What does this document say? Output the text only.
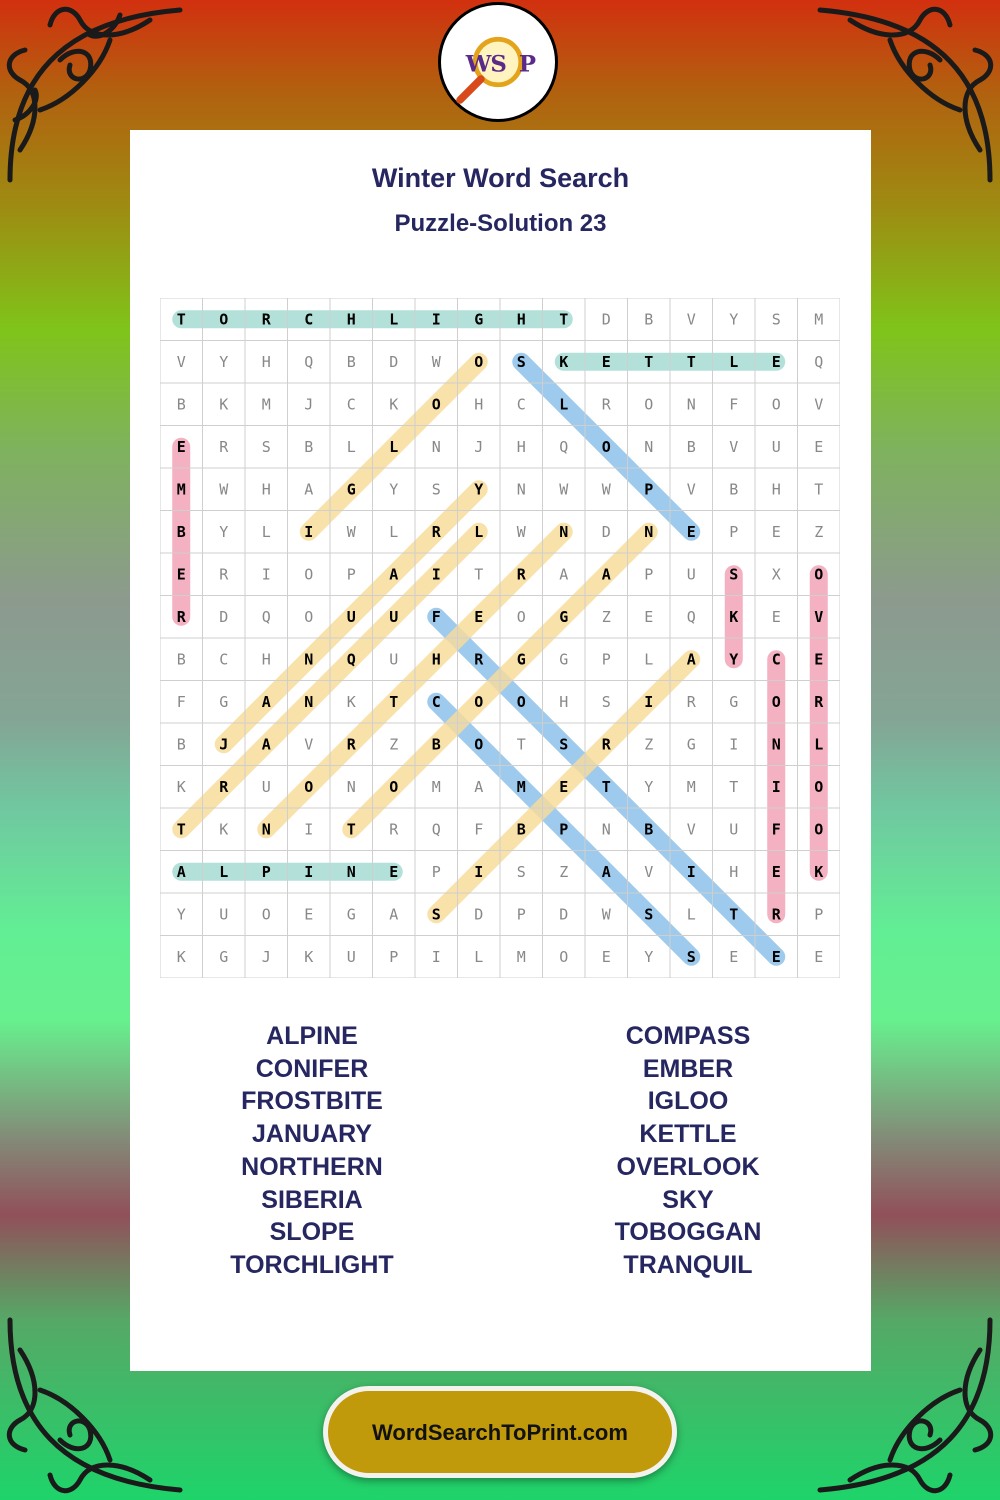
W S P
Winter Word Search
Puzzle-Solution 23
T O R C H L I G H T D B V Y S M
V Y H Q B D W O S K E T T L E Q
B K M J C K O H C L R O N F O V
E R S B L L N J H Q O N B V U E
M W H A G Y S Y N W W P V B H T
B Y L I W L R L W N D N E P E Z
E R I O P A I T R A A P U S X O
R D Q O U U F E O G Z E Q K E V
B C H N Q U H R G G P L A Y C E
F G A N K T C O O H S I R G O R
B J A V R Z B O T S R Z G I N L
K R U O N O M A M E T Y M T I O
T K N I T R Q F B P N B V U F O
A L P I N E P I S Z A V I H E K
Y U O E G A S D P D W S L T R P
K G J K U P I L M O E Y S E E E
ALPINE
CONIFER
FROSTBITE
JANUARY
NORTHERN
SIBERIA
SLOPE
TORCHLIGHT
COMPASS
EMBER
IGLOO
KETTLE
OVERLOOK
SKY
TOBOGGAN
TRANQUIL
WordSearchToPrint.com
